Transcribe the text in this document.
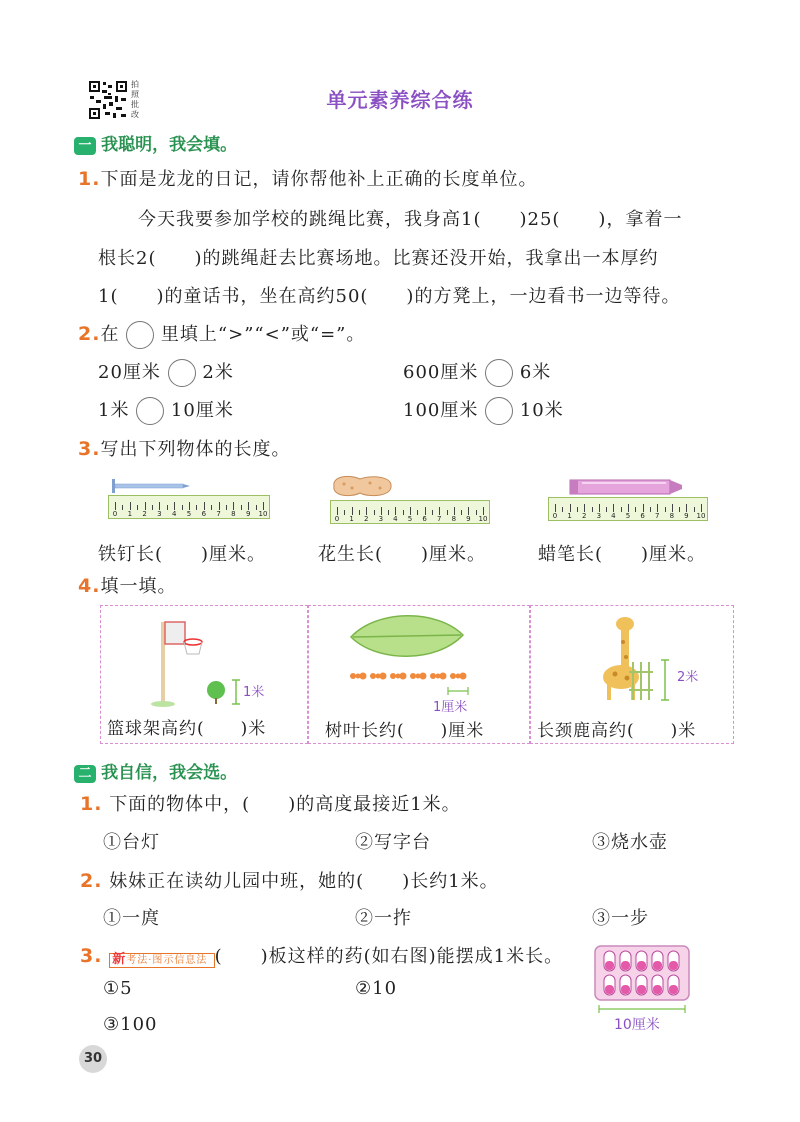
拍照批改
单元素养综合练
一 我聪明，我会填。
1.下面是龙龙的日记，请你帮他补上正确的长度单位。
今天我要参加学校的跳绳比赛，我身高1(　　)25(　　)，拿着一
根长2(　　)的跳绳赶去比赛场地。比赛还没开始，我拿出一本厚约
1(　　)的童话书，坐在高约50(　　)的方凳上，一边看书一边等待。
2.在 里填上“>”“<”或“=”。
20厘米 2米	600厘米 6米
1米 10厘米	100厘米 10米
3.写出下列物体的长度。
0 1 2 3 4 5 6 7 8 9 10
0 1 2 3 4 5 6 7 8 9 10	0 1 2 3 4 5 6 7 8 9 10
铁钉长(　　)厘米。	花生长(　　)厘米。	蜡笔长(　　)厘米。
4.填一填。
1米
篮球架高约(　　)米
1厘米
树叶长约(　　)厘米
2米
长颈鹿高约(　　)米
二 我自信，我会选。
1. 下面的物体中，(　　)的高度最接近1米。
①台灯	②写字台	③烧水壶
2. 妹妹正在读幼儿园中班，她的(　　)长约1米。
①一庹	②一拃	③一步
3. 新考法·图示信息法 (　　)板这样的药(如右图)能摆成1米长。
①5	②10
③100	10厘米
30
